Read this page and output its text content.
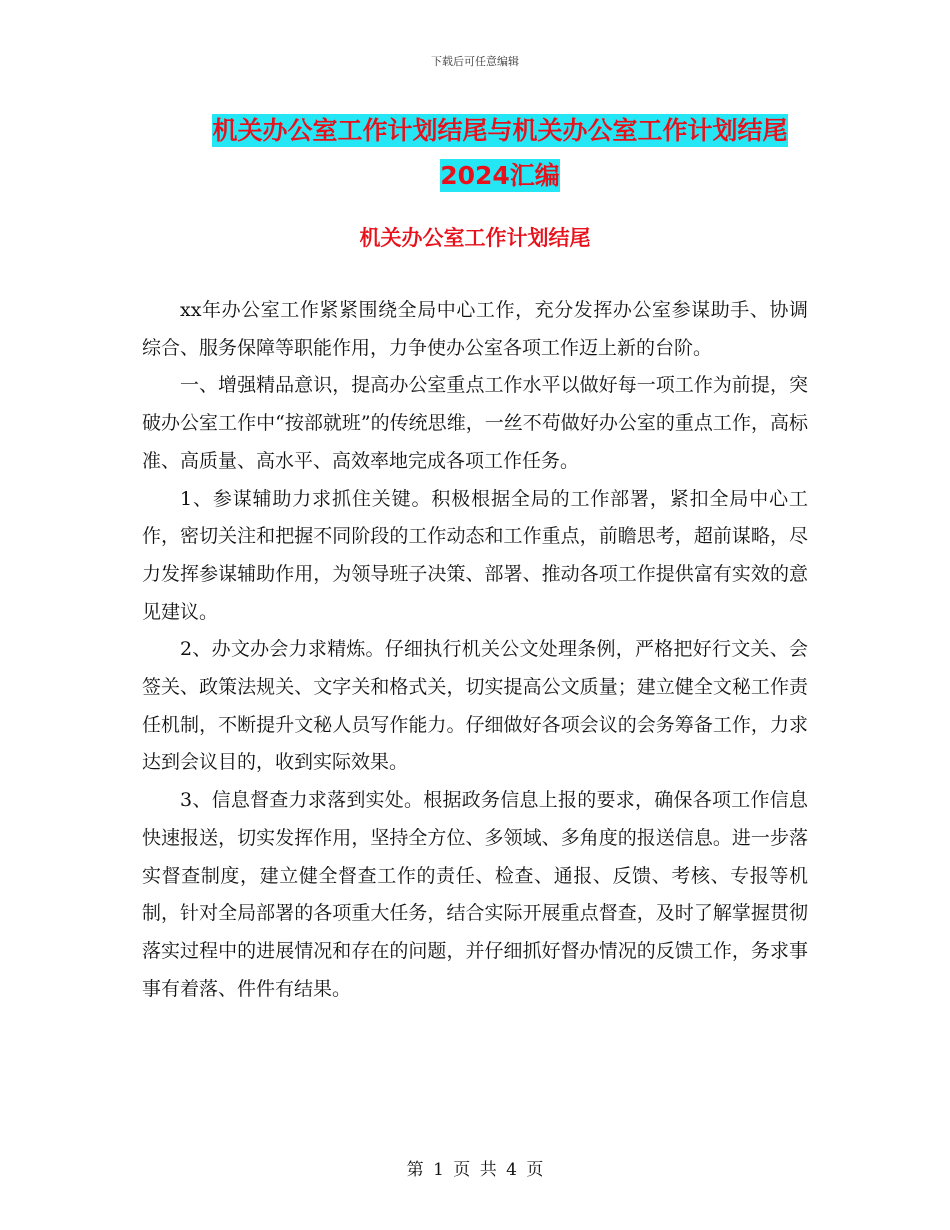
下载后可任意编辑
机关办公室工作计划结尾与机关办公室工作计划结尾
2024汇编
机关办公室工作计划结尾

xx年办公室工作紧紧围绕全局中心工作，充分发挥办公室参谋助手、协调综合、服务保障等职能作用，力争使办公室各项工作迈上新的台阶。

一、增强精品意识，提高办公室重点工作水平以做好每一项工作为前提，突破办公室工作中“按部就班”的传统思维，一丝不苟做好办公室的重点工作，高标准、高质量、高水平、高效率地完成各项工作任务。

1、参谋辅助力求抓住关键。积极根据全局的工作部署，紧扣全局中心工作，密切关注和把握不同阶段的工作动态和工作重点，前瞻思考，超前谋略，尽力发挥参谋辅助作用，为领导班子决策、部署、推动各项工作提供富有实效的意见建议。

2、办文办会力求精炼。仔细执行机关公文处理条例，严格把好行文关、会签关、政策法规关、文字关和格式关，切实提高公文质量；建立健全文秘工作责任机制，不断提升文秘人员写作能力。仔细做好各项会议的会务筹备工作，力求达到会议目的，收到实际效果。

3、信息督查力求落到实处。根据政务信息上报的要求，确保各项工作信息快速报送，切实发挥作用，坚持全方位、多领域、多角度的报送信息。进一步落实督查制度，建立健全督查工作的责任、检查、通报、反馈、考核、专报等机制，针对全局部署的各项重大任务，结合实际开展重点督查，及时了解掌握贯彻落实过程中的进展情况和存在的问题，并仔细抓好督办情况的反馈工作，务求事事有着落、件件有结果。

第 1 页 共 4 页
